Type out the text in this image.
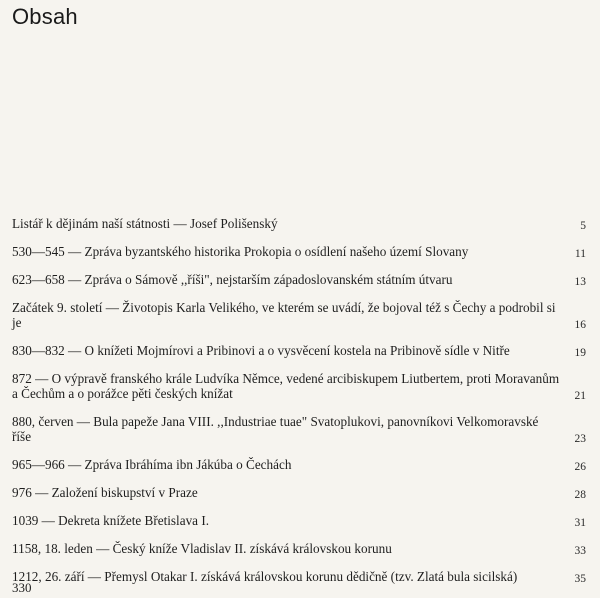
Obsah
Listář k dějinám naší státnosti — Josef Polišenský	5
530—545 — Zpráva byzantského historika Prokopia o osídlení našeho území Slovany	11
623—658 — Zpráva o Sámově ,,říši", nejstarším západoslovanském státním útvaru	13
Začátek 9. století — Životopis Karla Velikého, ve kterém se uvádí, že bojoval též s Čechy a podrobil si je	16
830—832 — O knížeti Mojmírovi a Pribinovi a o vysvěcení kostela na Pribinově sídle v Nitře	19
872 — O výpravě franského krále Ludvíka Němce, vedené arcibiskupem Liutbertem, proti Moravanům
a Čechům a o porážce pěti českých knížat	21
880, červen — Bula papeže Jana VIII. ,,Industriae tuae" Svatoplukovi, panovníkovi Velkomoravské říše	23
965—966 — Zpráva Ibráhíma ibn Jákúba o Čechách	26
976 — Založení biskupství v Praze	28
1039 — Dekreta knížete Břetislava I.	31
1158, 18. leden — Český kníže Vladislav II. získává královskou korunu	33
1212, 26. září — Přemysl Otakar I. získává královskou korunu dědičně (tzv. Zlatá bula sicilská)	35
330
